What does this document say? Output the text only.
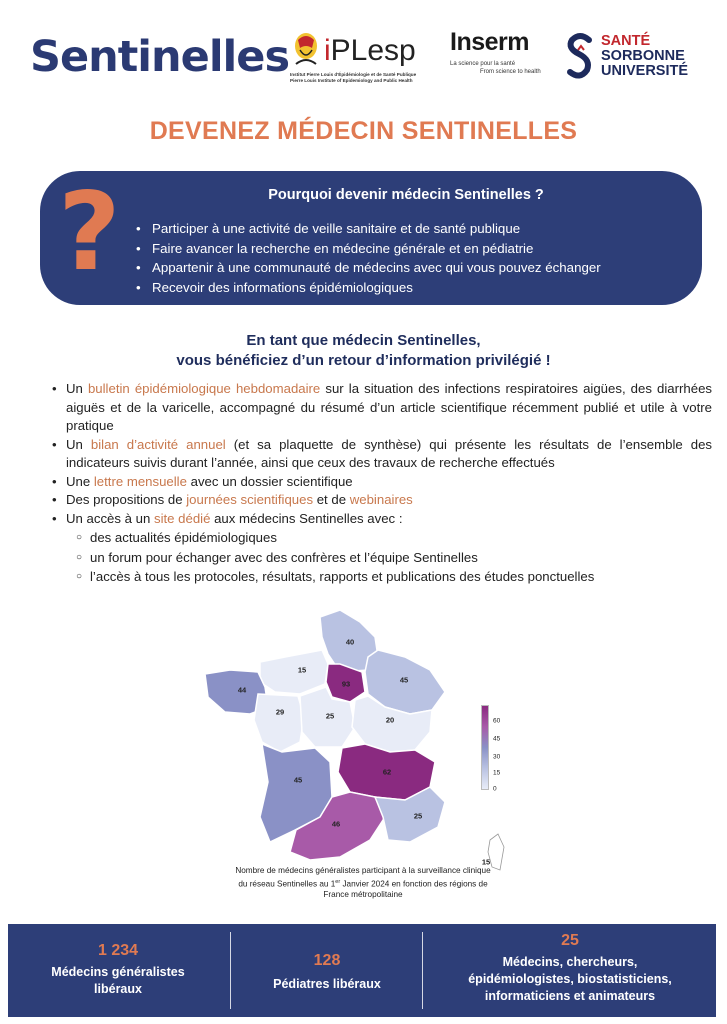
Sentinelles iPLesp
Institut Pierre Louis d'Épidémiologie et de Santé Publique
Pierre Louis Institute of Epidemiology and Public Health
Inserm
La science pour la santé
From science to health
SANTÉ
SORBONNE
UNIVERSITÉ
DEVENEZ MÉDECIN SENTINELLES
?	Pourquoi devenir médecin Sentinelles ?
• Participer à une activité de veille sanitaire et de santé publique
• Faire avancer la recherche en médecine générale et en pédiatrie
• Appartenir à une communauté de médecins avec qui vous pouvez échanger
• Recevoir des informations épidémiologiques
En tant que médecin Sentinelles,
vous bénéficiez d’un retour d’information privilégié !
• Un bulletin épidémiologique hebdomadaire sur la situation des infections respiratoires aigües, des diarrhées aiguës et de la varicelle, accompagné du résumé d’un article scientifique récemment publié et utile à votre pratique
• Un bilan d’activité annuel (et sa plaquette de synthèse) qui présente les résultats de l’ensemble des indicateurs suivis durant l’année, ainsi que ceux des travaux de recherche effectués
• Une lettre mensuelle avec un dossier scientifique
• Des propositions de journées scientifiques et de webinaires
• Un accès à un site dédié aux médecins Sentinelles avec :
○ des actualités épidémiologiques
○ un forum pour échanger avec des confrères et l’équipe Sentinelles
○ l’accès à tous les protocoles, résultats, rapports et publications des études ponctuelles
40
15
93	45
44
29	25	20
45
62
46
25
15
60
45
30
15
0
Nombre de médecins généralistes participant à la surveillance clinique du réseau Sentinelles au 1er Janvier 2024 en fonction des régions de France métropolitaine
1 234
Médecins généralistes
libéraux
128
Pédiatres libéraux
25
Médecins, chercheurs,
épidémiologistes, biostatisticiens,
informaticiens et animateurs
